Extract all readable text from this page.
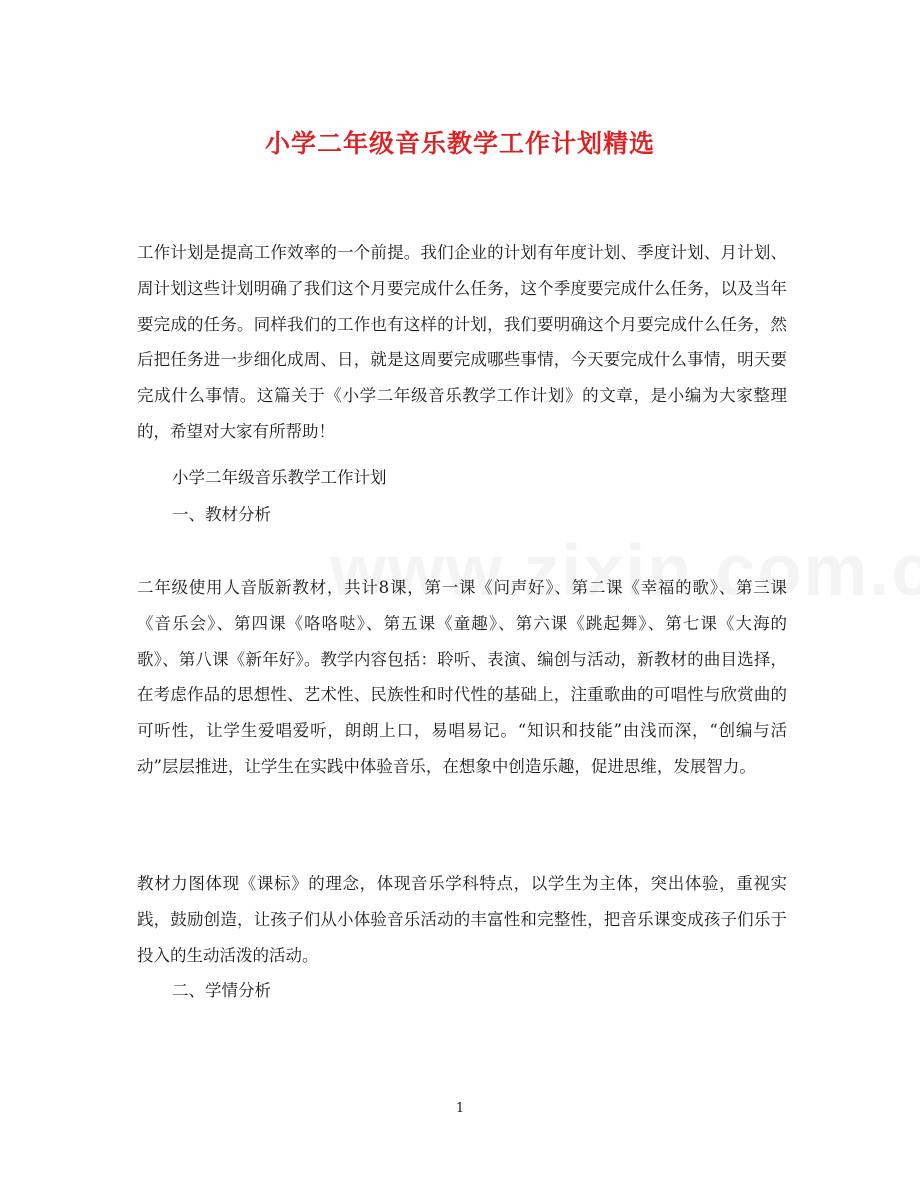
小学二年级音乐教学工作计划精选

工作计划是提高工作效率的一个前提。我们企业的计划有年度计划、季度计划、月计划、周计划这些计划明确了我们这个月要完成什么任务，这个季度要完成什么任务，以及当年要完成的任务。同样我们的工作也有这样的计划，我们要明确这个月要完成什么任务，然后把任务进一步细化成周、日，就是这周要完成哪些事情，今天要完成什么事情，明天要完成什么事情。这篇关于《小学二年级音乐教学工作计划》的文章，是小编为大家整理的，希望对大家有所帮助！

小学二年级音乐教学工作计划

一、教材分析

二年级使用人音版新教材，共计8课，第一课《问声好》、第二课《幸福的歌》、第三课《音乐会》、第四课《咯咯哒》、第五课《童趣》、第六课《跳起舞》、第七课《大海的歌》、第八课《新年好》。教学内容包括：聆听、表演、编创与活动，新教材的曲目选择，在考虑作品的思想性、艺术性、民族性和时代性的基础上，注重歌曲的可唱性与欣赏曲的可听性，让学生爱唱爱听，朗朗上口，易唱易记。“知识和技能”由浅而深，“创编与活动”层层推进，让学生在实践中体验音乐，在想象中创造乐趣，促进思维，发展智力。

教材力图体现《课标》的理念，体现音乐学科特点，以学生为主体，突出体验，重视实践，鼓励创造，让孩子们从小体验音乐活动的丰富性和完整性，把音乐课变成孩子们乐于投入的生动活泼的活动。

二、学情分析

1
